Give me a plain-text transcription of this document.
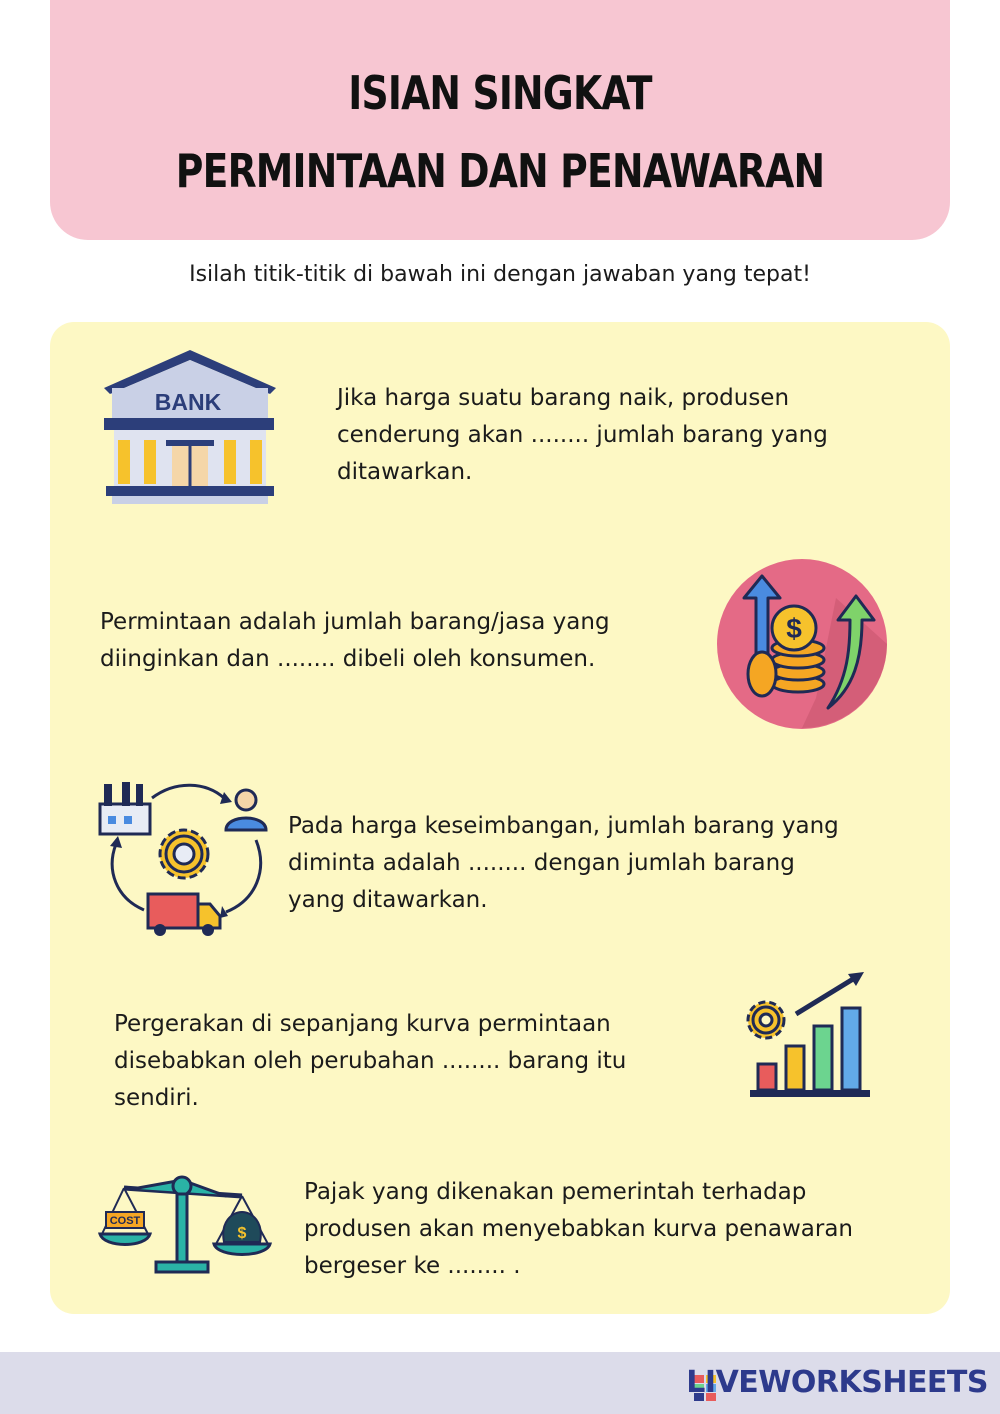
ISIAN SINGKAT
PERMINTAAN DAN PENAWARAN
Isilah titik-titik di bawah ini dengan jawaban yang tepat!
BANK	Jika harga suatu barang naik, produsen cenderung akan ........ jumlah barang yang ditawarkan.
$
Permintaan adalah jumlah barang/jasa yang diinginkan dan ........ dibeli oleh konsumen.
Pada harga keseimbangan, jumlah barang yang diminta adalah ........ dengan jumlah barang yang ditawarkan.
Pergerakan di sepanjang kurva permintaan disebabkan oleh perubahan ........ barang itu sendiri.
COST
$
Pajak yang dikenakan pemerintah terhadap produsen akan menyebabkan kurva penawaran bergeser ke ........ .
LIVEWORKSHEETS
